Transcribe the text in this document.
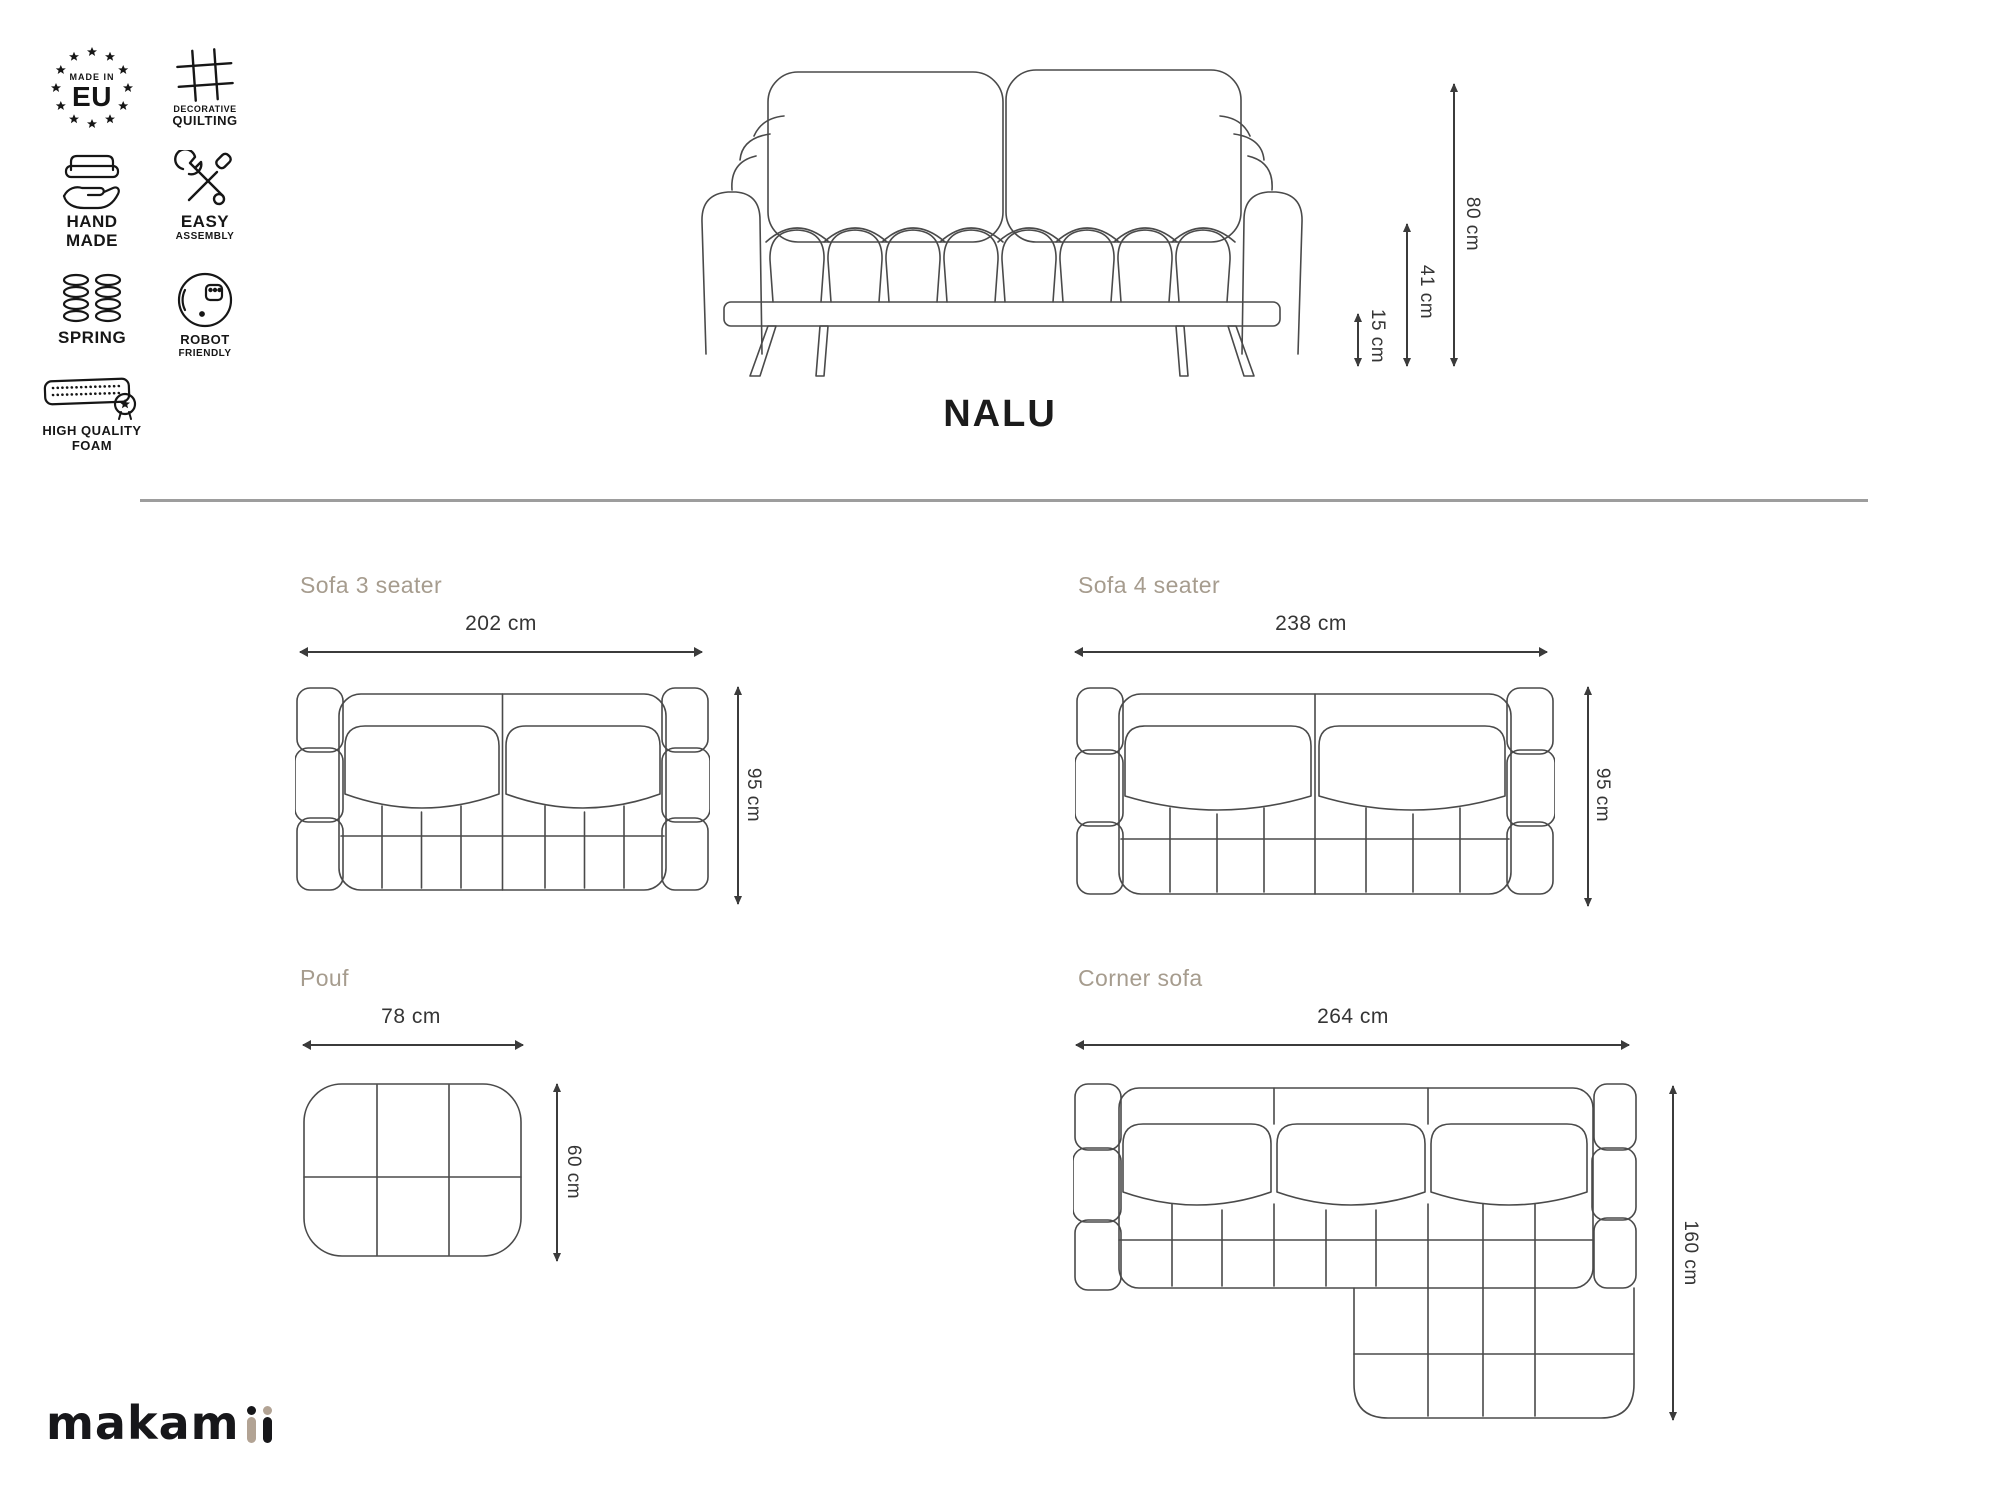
MADE IN
EU	DECORATIVE
QUILTING
HAND
MADE
EASY
ASSEMBLY
SPRING	ROBOT
FRIENDLY
HIGH QUALITY
FOAM
80 cm
41 cm
15 cm
NALU
Sofa 3 seater
202 cm
95 cm
Sofa 4 seater
238 cm
95 cm
Pouf
78 cm
60 cm
Corner sofa
264 cm
160 cm
makam
